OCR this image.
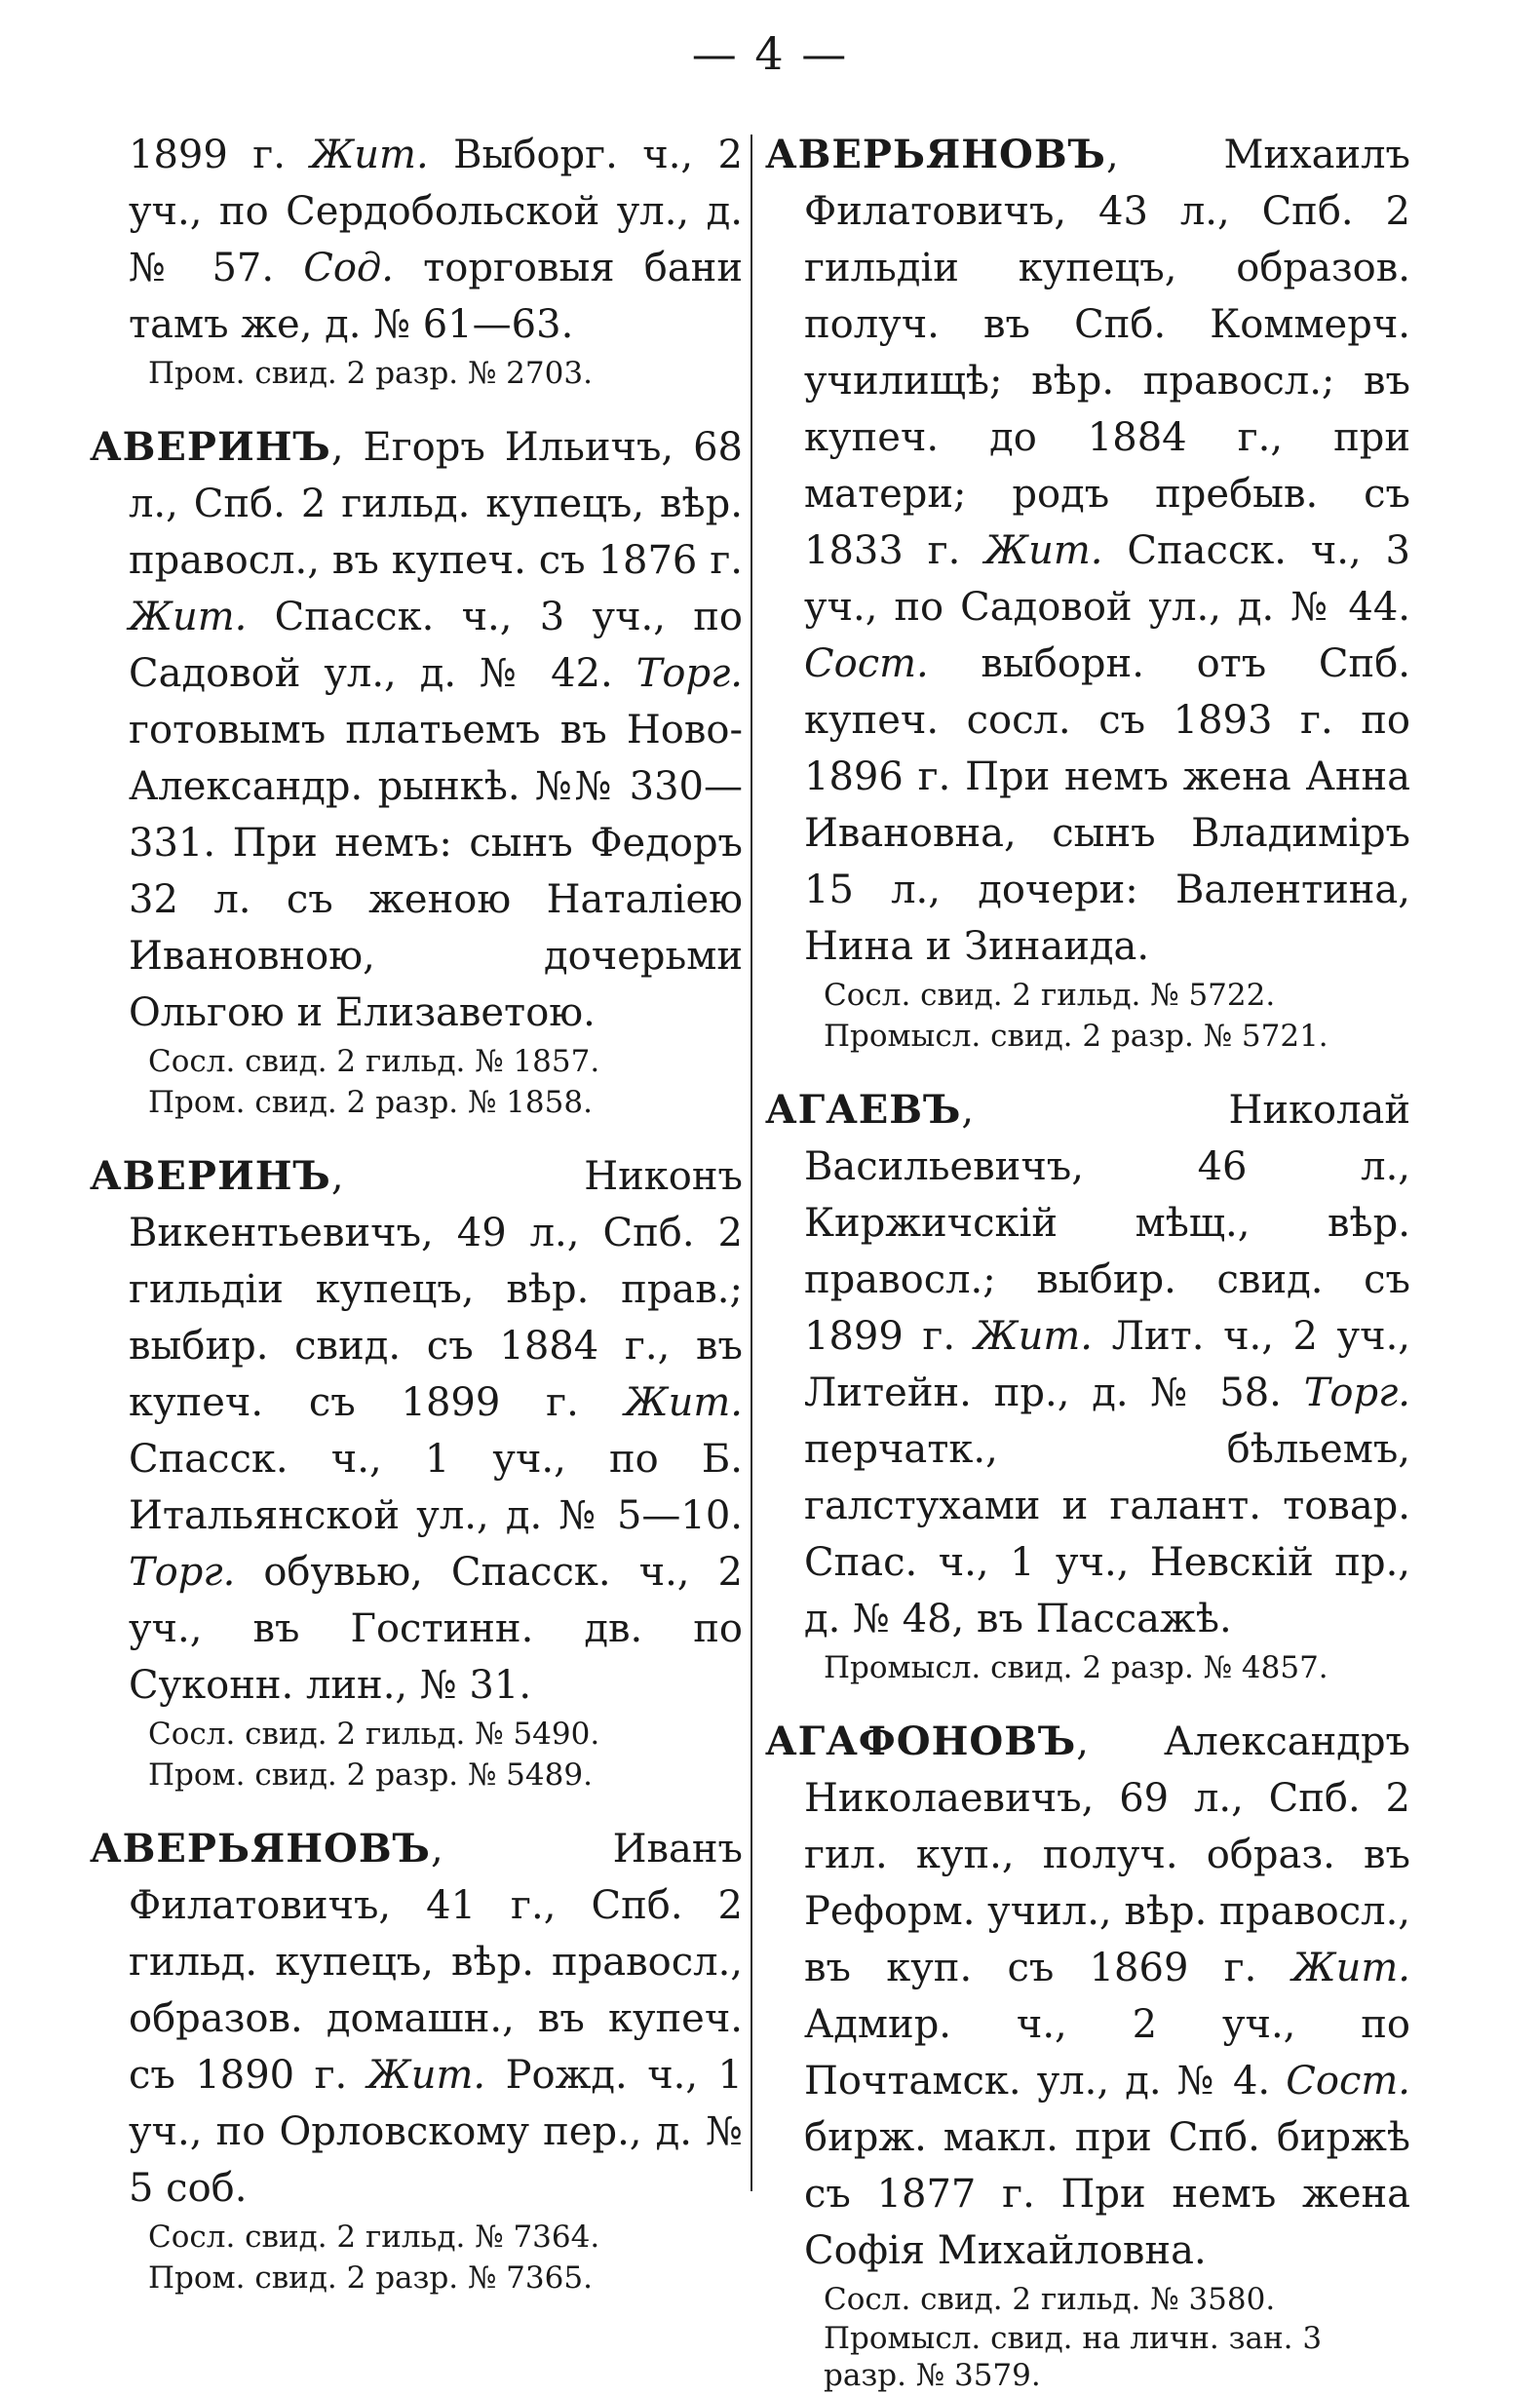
— 4 —

1899 г. Жит. Выборг. ч., 2 уч., по Сердобольской ул., д. № 57. Сод. торговыя бани тамъ же, д. № 61—63.

Пром. свид. 2 разр. № 2703.

АВЕРИНЪ, Егоръ Ильичъ, 68 л., Спб. 2 гильд. купецъ, вѣр. правосл., въ купеч. съ 1876 г. Жит. Спасск. ч., 3 уч., по Садовой ул., д. № 42. Торг. готовымъ платьемъ въ Ново-Александр. рынкѣ. №№ 330—331. При немъ: сынъ Федоръ 32 л. съ женою Наталіею Ивановною, дочерьми Ольгою и Елизаветою.

Сосл. свид. 2 гильд. № 1857.

Пром. свид. 2 разр. № 1858.

АВЕРИНЪ, Никонъ Викентьевичъ, 49 л., Спб. 2 гильдіи купецъ, вѣр. прав.; выбир. свид. съ 1884 г., въ купеч. съ 1899 г. Жит. Спасск. ч., 1 уч., по Б. Итальянской ул., д. № 5—10. Торг. обувью, Спасск. ч., 2 уч., въ Гостинн. дв. по Суконн. лин., № 31.

Сосл. свид. 2 гильд. № 5490.

Пром. свид. 2 разр. № 5489.

АВЕРЬЯНОВЪ, Иванъ Филатовичъ, 41 г., Спб. 2 гильд. купецъ, вѣр. правосл., образов. домашн., въ купеч. съ 1890 г. Жит. Рожд. ч., 1 уч., по Орловскому пер., д. № 5 соб.

Сосл. свид. 2 гильд. № 7364.

Пром. свид. 2 разр. № 7365.

АВЕРЬЯНОВЪ, Михаилъ Филатовичъ, 43 л., Спб. 2 гильдіи купецъ, образов. получ. въ Спб. Коммерч. училищѣ; вѣр. правосл.; въ купеч. до 1884 г., при матери; родъ пребыв. съ 1833 г. Жит. Спасск. ч., 3 уч., по Садовой ул., д. № 44. Сост. выборн. отъ Спб. купеч. сосл. съ 1893 г. по 1896 г. При немъ жена Анна Ивановна, сынъ Владиміръ 15 л., дочери: Валентина, Нина и Зинаида.

Сосл. свид. 2 гильд. № 5722.

Промысл. свид. 2 разр. № 5721.

АГАЕВЪ, Николай Васильевичъ, 46 л., Киржичскій мѣщ., вѣр. правосл.; выбир. свид. съ 1899 г. Жит. Лит. ч., 2 уч., Литейн. пр., д. № 58. Торг. перчатк., бѣльемъ, галстухами и галант. товар. Спас. ч., 1 уч., Невскій пр., д. № 48, въ Пассажѣ.

Промысл. свид. 2 разр. № 4857.

АГАФОНОВЪ, Александръ Николаевичъ, 69 л., Спб. 2 гил. куп., получ. образ. въ Реформ. учил., вѣр. правосл., въ куп. съ 1869 г. Жит. Адмир. ч., 2 уч., по Почтамск. ул., д. № 4. Сост. бирж. макл. при Спб. биржѣ съ 1877 г. При немъ жена Софія Михайловна.

Сосл. свид. 2 гильд. № 3580.

Промысл. свид. на личн. зан. 3 разр. № 3579.
